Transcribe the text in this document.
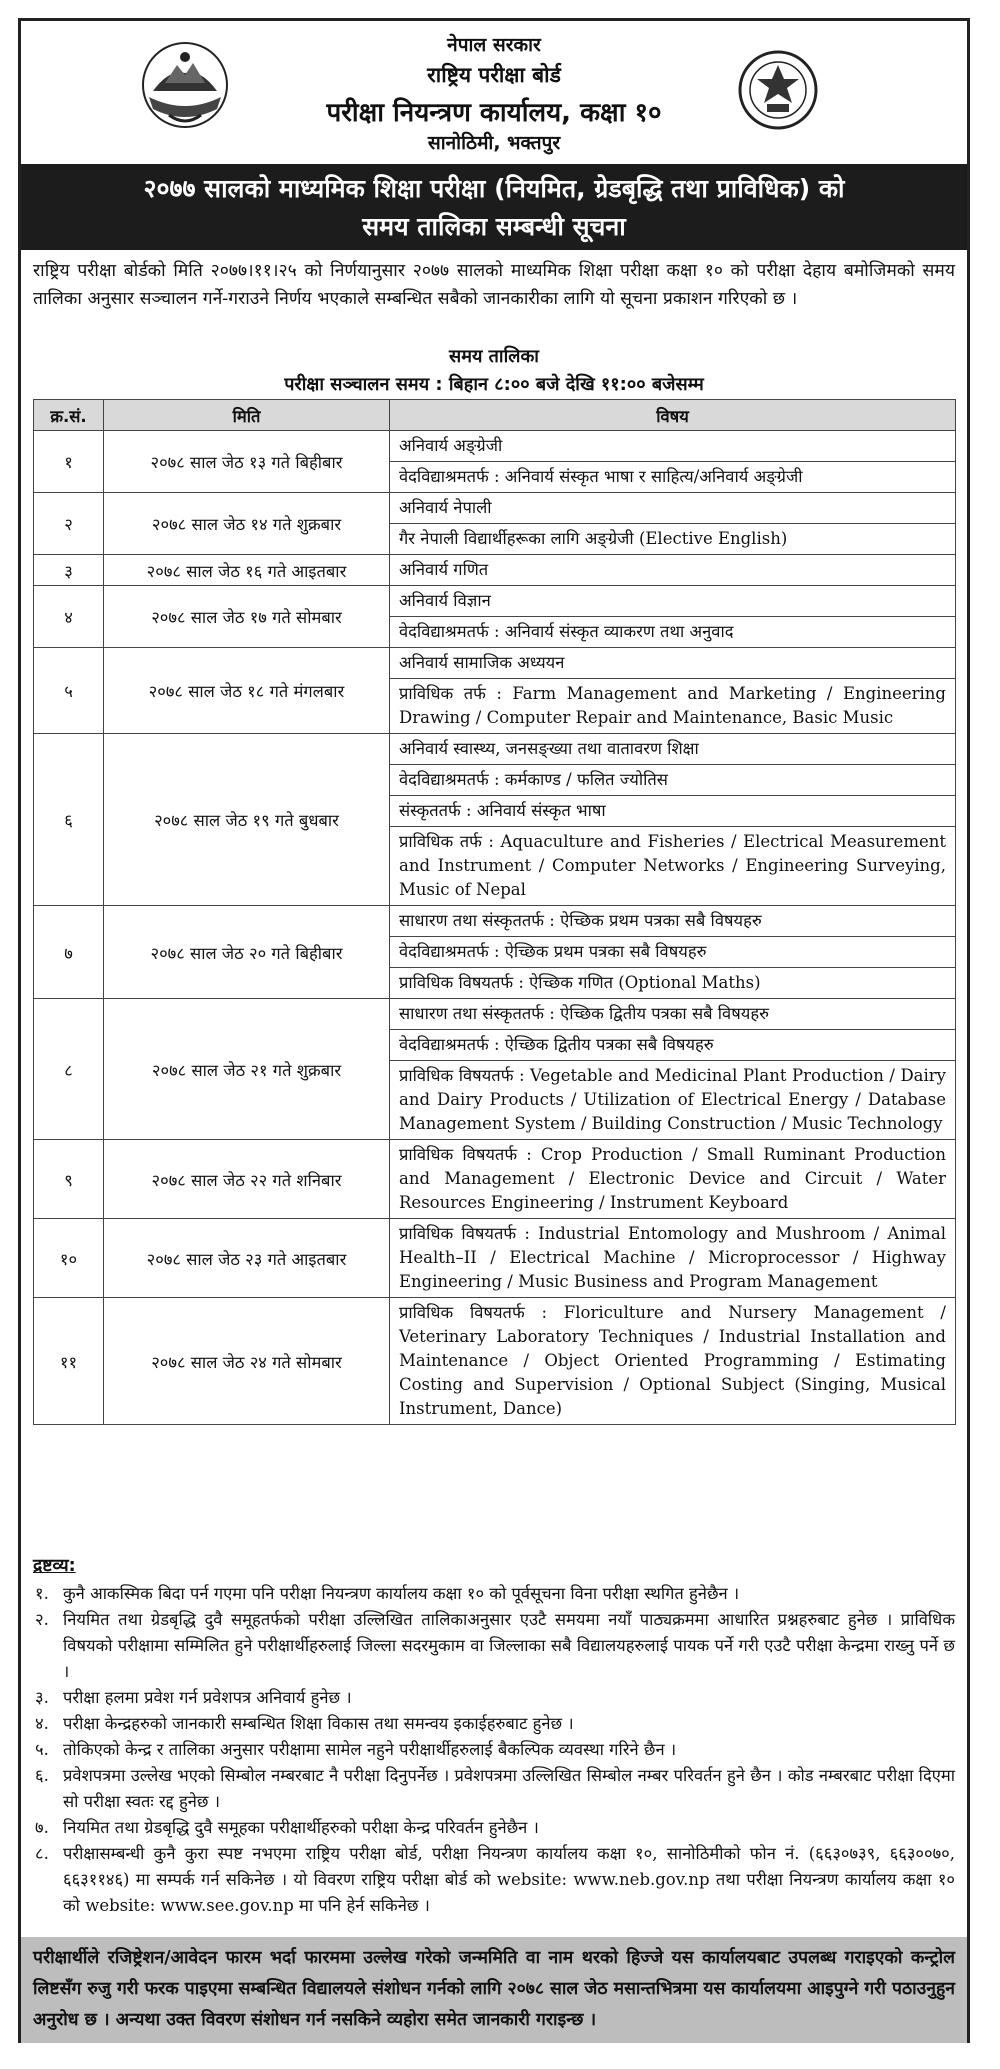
नेपाल सरकार
राष्ट्रिय परीक्षा बोर्ड
परीक्षा नियन्त्रण कार्यालय, कक्षा १०
सानोठिमी, भक्तपुर
२०७७ सालको माध्यमिक शिक्षा परीक्षा (नियमित, ग्रेडबृद्धि तथा प्राविधिक) को
समय तालिका सम्बन्धी सूचना
राष्ट्रिय परीक्षा बोर्डको मिति २०७७।११।२५ को निर्णयानुसार २०७७ सालको माध्यमिक शिक्षा परीक्षा कक्षा १० को परीक्षा देहाय बमोजिमको समय तालिका अनुसार सञ्चालन गर्ने-गराउने निर्णय भएकाले सम्बन्धित सबैको जानकारीका लागि यो सूचना प्रकाशन गरिएको छ ।
समय तालिका
परीक्षा सञ्चालन समय : बिहान ८:०० बजे देखि ११:०० बजेसम्म
क्र.सं.	मिति	विषय
१	२०७८ साल जेठ १३ गते बिहीबार	अनिवार्य अङ्ग्रेजी
वेदविद्याश्रमतर्फ : अनिवार्य संस्कृत भाषा र साहित्य/अनिवार्य अङ्ग्रेजी

२	२०७८ साल जेठ १४ गते शुक्रबार	अनिवार्य नेपाली
गैर नेपाली विद्यार्थीहरूका लागि अङ्ग्रेजी (Elective English)

३	२०७८ साल जेठ १६ गते आइतबार	अनिवार्य गणित

४	२०७८ साल जेठ १७ गते सोमबार	अनिवार्य विज्ञान
वेदविद्याश्रमतर्फ : अनिवार्य संस्कृत व्याकरण तथा अनुवाद

५	२०७८ साल जेठ १८ गते मंगलबार	अनिवार्य सामाजिक अध्ययन
प्राविधिक तर्फ : Farm Management and Marketing / Engineering Drawing / Computer Repair and Maintenance, Basic Music

६	२०७८ साल जेठ १९ गते बुधबार	अनिवार्य स्वास्थ्य, जनसङ्ख्या तथा वातावरण शिक्षा
वेदविद्याश्रमतर्फ : कर्मकाण्ड / फलित ज्योतिस
संस्कृततर्फ : अनिवार्य संस्कृत भाषा
प्राविधिक तर्फ : Aquaculture and Fisheries / Electrical Measurement and Instrument / Computer Networks / Engineering Surveying, Music of Nepal

७	२०७८ साल जेठ २० गते बिहीबार	साधारण तथा संस्कृततर्फ : ऐच्छिक प्रथम पत्रका सबै विषयहरु
वेदविद्याश्रमतर्फ : ऐच्छिक प्रथम पत्रका सबै विषयहरु
प्राविधिक विषयतर्फ : ऐच्छिक गणित (Optional Maths)

८	२०७८ साल जेठ २१ गते शुक्रबार	साधारण तथा संस्कृततर्फ : ऐच्छिक द्वितीय पत्रका सबै विषयहरु
वेदविद्याश्रमतर्फ : ऐच्छिक द्वितीय पत्रका सबै विषयहरु
प्राविधिक विषयतर्फ : Vegetable and Medicinal Plant Production / Dairy and Dairy Products / Utilization of Electrical Energy / Database Management System / Building Construction / Music Technology

९	२०७८ साल जेठ २२ गते शनिबार	प्राविधिक विषयतर्फ : Crop Production / Small Ruminant Production and Management / Electronic Device and Circuit / Water Resources Engineering / Instrument Keyboard

१०	२०७८ साल जेठ २३ गते आइतबार	प्राविधिक विषयतर्फ : Industrial Entomology and Mushroom / Animal Health–II / Electrical Machine / Microprocessor / Highway Engineering / Music Business and Program Management

११	२०७८ साल जेठ २४ गते सोमबार	प्राविधिक विषयतर्फ : Floriculture and Nursery Management / Veterinary Laboratory Techniques / Industrial Installation and Maintenance / Object Oriented Programming / Estimating Costing and Supervision / Optional Subject (Singing, Musical Instrument, Dance)
द्रष्टव्य:
१. कुनै आकस्मिक बिदा पर्न गएमा पनि परीक्षा नियन्त्रण कार्यालय कक्षा १० को पूर्वसूचना विना परीक्षा स्थगित हुनेछैन ।
२. नियमित तथा ग्रेडबृद्धि दुवै समूहतर्फको परीक्षा उल्लिखित तालिकाअनुसार एउटै समयमा नयाँ पाठ्यक्रममा आधारित प्रश्नहरुबाट हुनेछ । प्राविधिक विषयको परीक्षामा सम्मिलित हुने परीक्षार्थीहरुलाई जिल्ला सदरमुकाम वा जिल्लाका सबै विद्यालयहरुलाई पायक पर्ने गरी एउटै परीक्षा केन्द्रमा राख्नु पर्ने छ ।
३. परीक्षा हलमा प्रवेश गर्न प्रवेशपत्र अनिवार्य हुनेछ ।
४. परीक्षा केन्द्रहरुको जानकारी सम्बन्धित शिक्षा विकास तथा समन्वय इकाईहरुबाट हुनेछ ।
५. तोकिएको केन्द्र र तालिका अनुसार परीक्षामा सामेल नहुने परीक्षार्थीहरुलाई बैकल्पिक व्यवस्था गरिने छैन ।
६. प्रवेशपत्रमा उल्लेख भएको सिम्बोल नम्बरबाट नै परीक्षा दिनुपर्नेछ । प्रवेशपत्रमा उल्लिखित सिम्बोल नम्बर परिवर्तन हुने छैन । कोड नम्बरबाट परीक्षा दिएमा सो परीक्षा स्वतः रद्द हुनेछ ।
७. नियमित तथा ग्रेडबृद्धि दुवै समूहका परीक्षार्थीहरुको परीक्षा केन्द्र परिवर्तन हुनेछैन ।
८. परीक्षासम्बन्धी कुनै कुरा स्पष्ट नभएमा राष्ट्रिय परीक्षा बोर्ड, परीक्षा नियन्त्रण कार्यालय कक्षा १०, सानोठिमीको फोन नं. (६६३०७३९, ६६३००७०, ६६३११४६) मा सम्पर्क गर्न सकिनेछ । यो विवरण राष्ट्रिय परीक्षा बोर्ड को website: www.neb.gov.np तथा परीक्षा नियन्त्रण कार्यालय कक्षा १० को website: www.see.gov.np मा पनि हेर्न सकिनेछ ।
परीक्षार्थीले रजिष्ट्रेशन/आवेदन फारम भर्दा फारममा उल्लेख गरेको जन्ममिति वा नाम थरको हिज्जे यस कार्यालयबाट उपलब्ध गराइएको कन्ट्रोल लिष्टसँग रुजु गरी फरक पाइएमा सम्बन्धित विद्यालयले संशोधन गर्नको लागि २०७८ साल जेठ मसान्तभित्रमा यस कार्यालयमा आइपुग्ने गरी पठाउनुहुन अनुरोध छ । अन्यथा उक्त विवरण संशोधन गर्न नसकिने व्यहोरा समेत जानकारी गराइन्छ ।
